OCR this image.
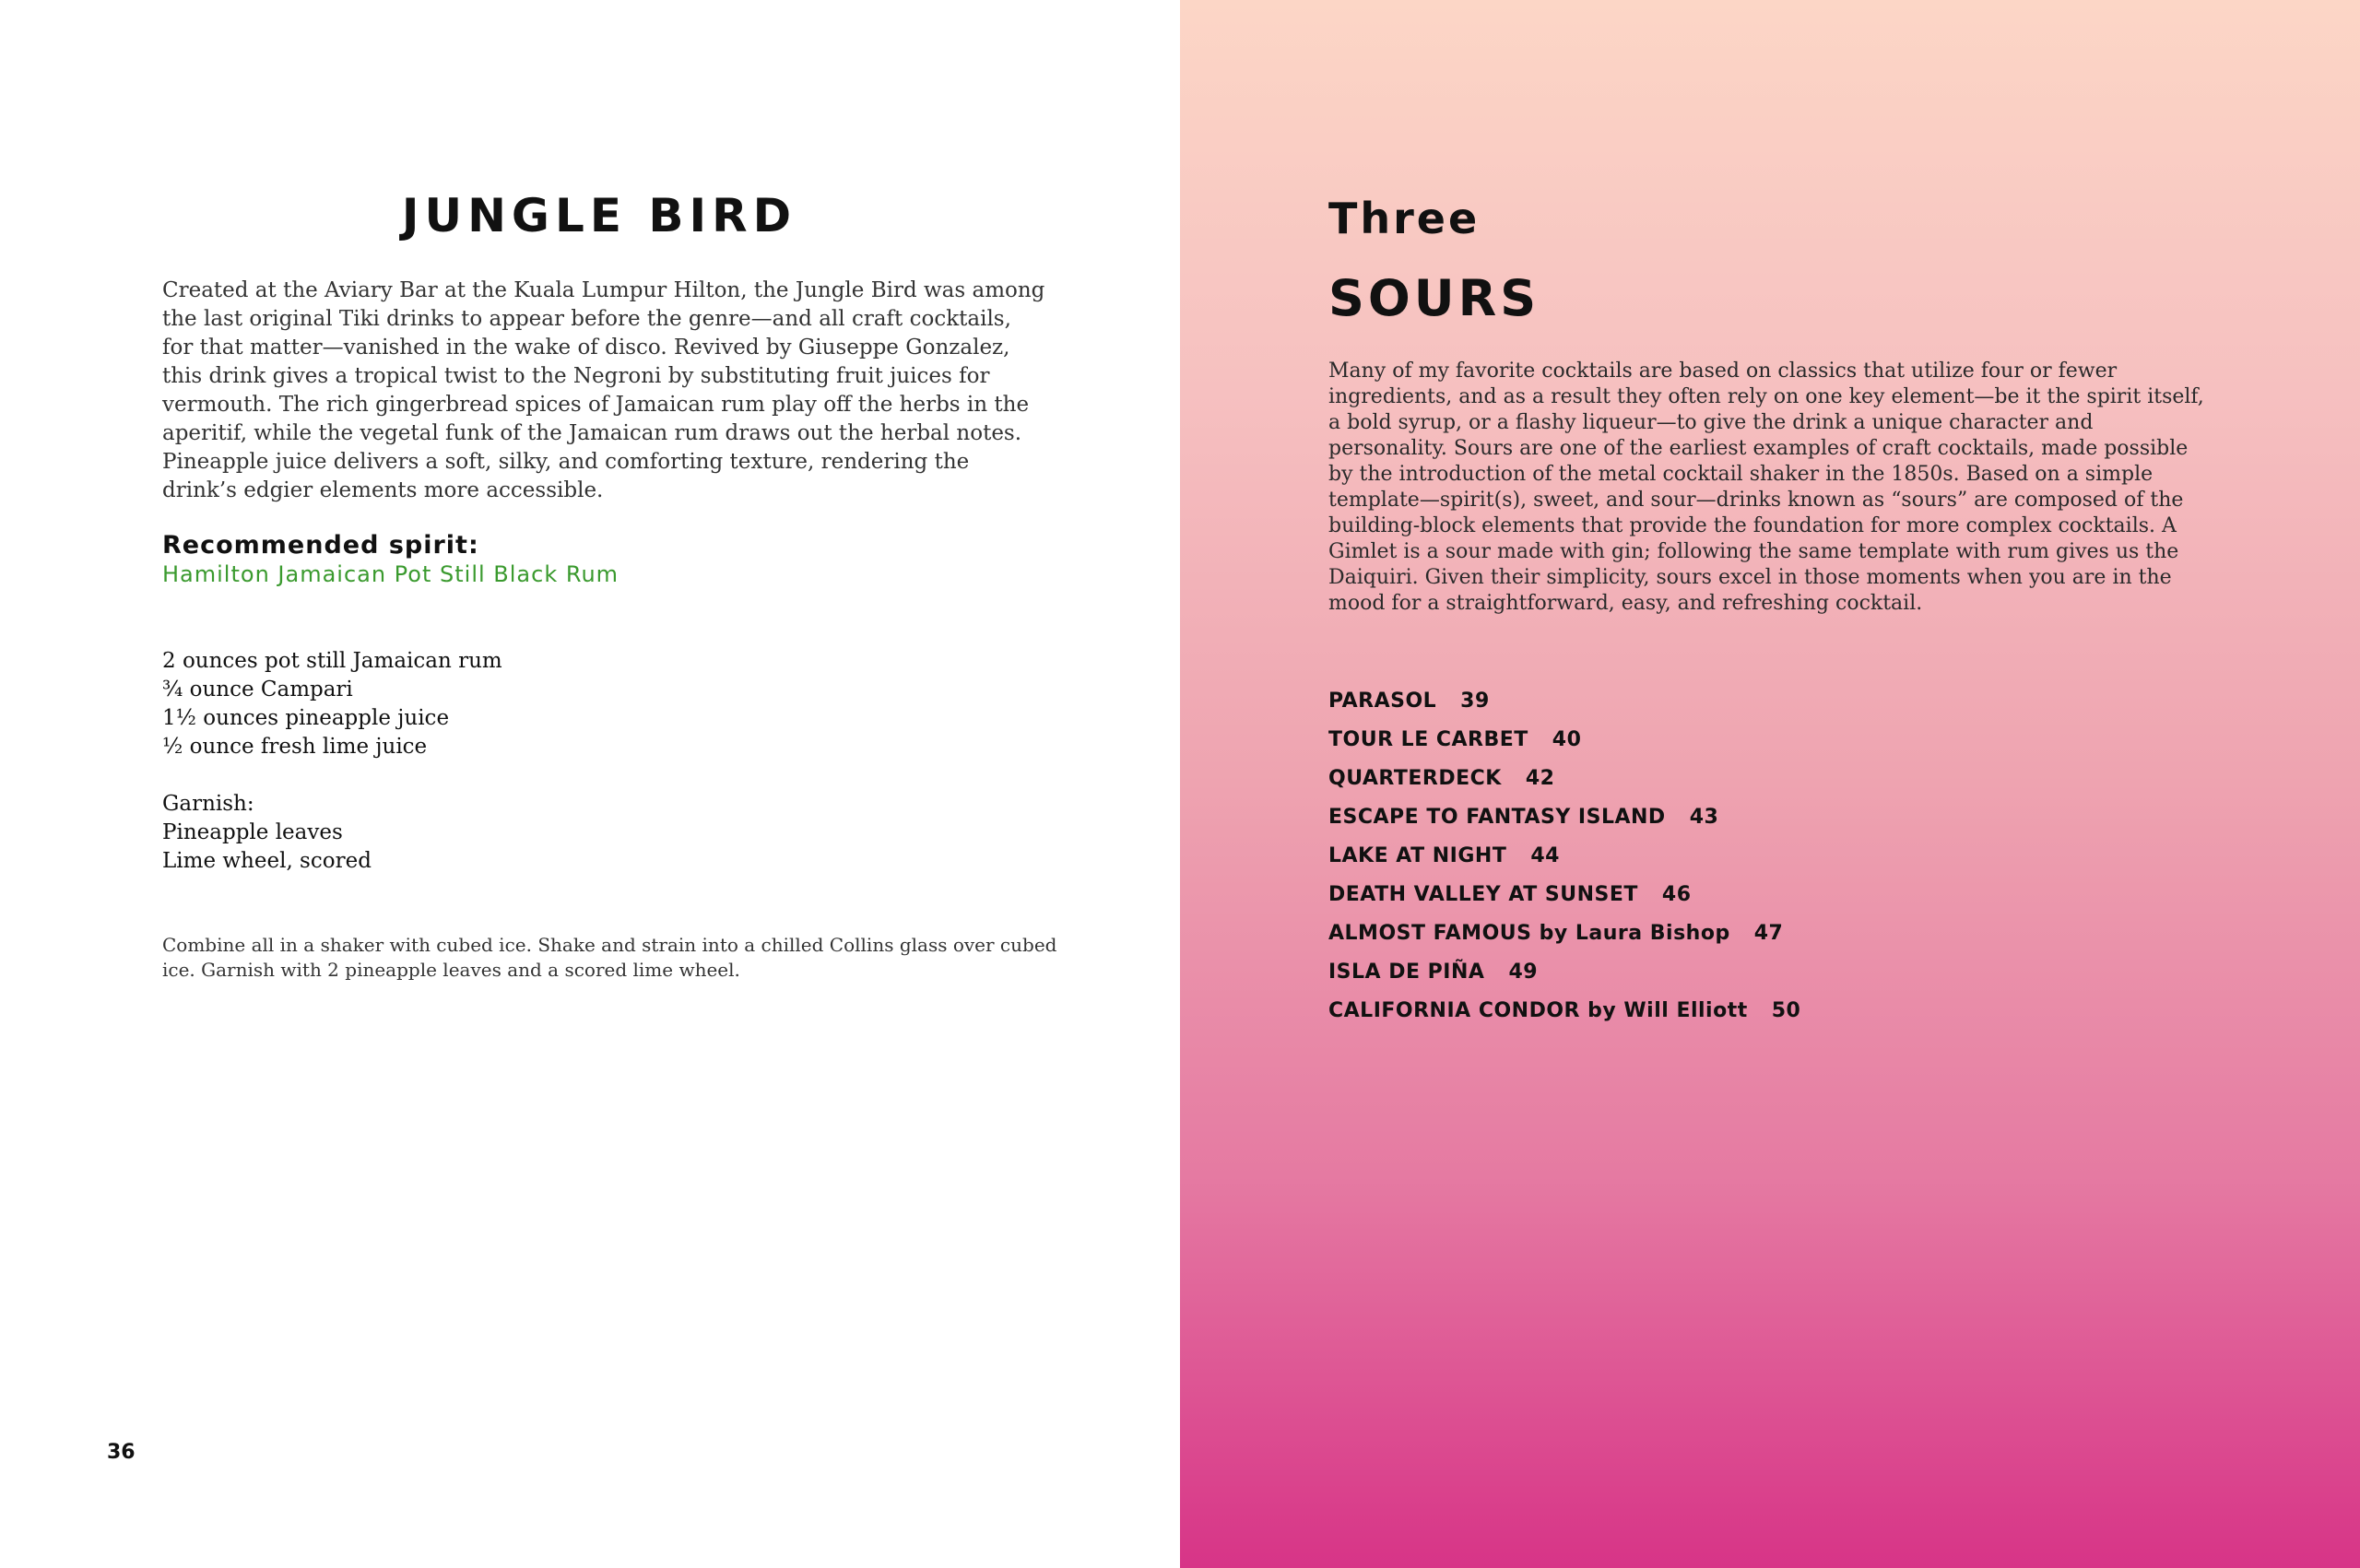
JUNGLE BIRD

Created at the Aviary Bar at the Kuala Lumpur Hilton, the Jungle Bird was among the last original Tiki drinks to appear before the genre—and all craft cocktails, for that matter—vanished in the wake of disco. Revived by Giuseppe Gonzalez, this drink gives a tropical twist to the Negroni by substituting fruit juices for vermouth. The rich gingerbread spices of Jamaican rum play off the herbs in the aperitif, while the vegetal funk of the Jamaican rum draws out the herbal notes. Pineapple juice delivers a soft, silky, and comforting texture, rendering the drink’s edgier elements more accessible.

Recommended spirit:
Hamilton Jamaican Pot Still Black Rum
2 ounces pot still Jamaican rum
¾ ounce Campari
1½ ounces pineapple juice
½ ounce fresh lime juice
Garnish:
Pineapple leaves
Lime wheel, scored

Combine all in a shaker with cubed ice. Shake and strain into a chilled Collins glass over cubed ice. Garnish with 2 pineapple leaves and a scored lime wheel.

36
Three
SOURS

Many of my favorite cocktails are based on classics that utilize four or fewer ingredients, and as a result they often rely on one key element—be it the spirit itself, a bold syrup, or a flashy liqueur—to give the drink a unique character and personality. Sours are one of the earliest examples of craft cocktails, made possible by the introduction of the metal cocktail shaker in the 1850s. Based on a simple template—spirit(s), sweet, and sour—drinks known as “sours” are composed of the building-block elements that provide the foundation for more complex cocktails. A Gimlet is a sour made with gin; following the same template with rum gives us the Daiquiri. Given their simplicity, sours excel in those moments when you are in the mood for a straightforward, easy, and refreshing cocktail.

PARASOL 39
TOUR LE CARBET 40
QUARTERDECK 42
ESCAPE TO FANTASY ISLAND 43
LAKE AT NIGHT 44
DEATH VALLEY AT SUNSET 46
ALMOST FAMOUS by Laura Bishop 47
ISLA DE PIÑA 49
CALIFORNIA CONDOR by Will Elliott 50
